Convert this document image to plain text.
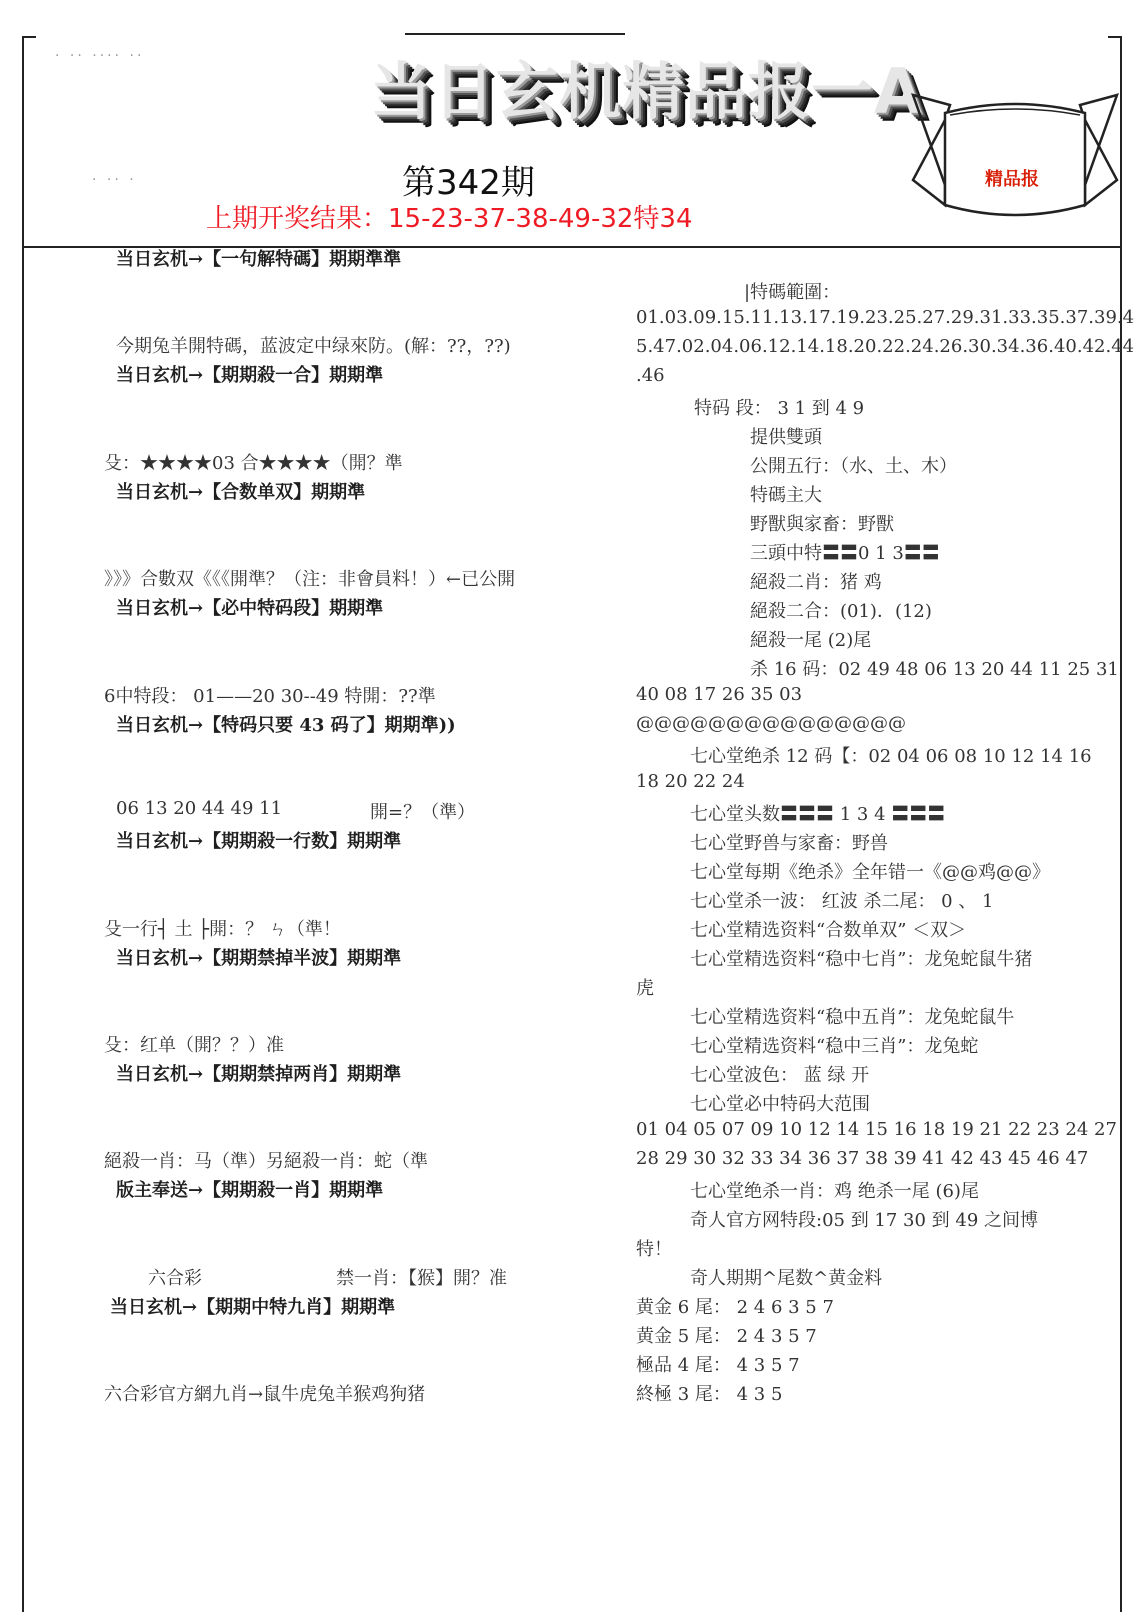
· ·· ···· ··
· ·· ·
当日玄机精品报一A
第342期
上期开奖结果：15-23-37-38-49-32特34
精品报
当日玄机→【一句解特碼】期期準準
今期兔羊開特碼，蓝波定中绿來防。(解：??，??)
当日玄机→【期期殺一合】期期準
殳：★★★★03 合★★★★（開？準
当日玄机→【合数单双】期期準
》》》合數双《《《開準？（注：非會員料！）←已公開
当日玄机→【必中特码段】期期準
6中特段： 01——20 30--49 特開：??準
当日玄机→【特码只要 43 码了】期期準))
06 13 20 44 49 11	開=？（準）
当日玄机→【期期殺一行数】期期準
殳一行┤ 土 ├開：？ ㄣ（準！
当日玄机→【期期禁掉半波】期期準
殳：红单（開？？）准
当日玄机→【期期禁掉两肖】期期準
絕殺一肖：马（準）另絕殺一肖：蛇（準
版主奉送→【期期殺一肖】期期準
六合彩	禁一肖：【猴】開？准
当日玄机→【期期中特九肖】期期準
六合彩官方網九肖→鼠牛虎兔羊猴鸡狗猪
|特碼範圍：
01.03.09.15.11.13.17.19.23.25.27.29.31.33.35.37.39.4
5.47.02.04.06.12.14.18.20.22.24.26.30.34.36.40.42.44
.46
特码 段： 3 1 到 4 9
提供雙頭
公開五行：（水、土、木）
特碼主大
野獸與家畜：野獸
三頭中特〓〓0 1 3〓〓
絕殺二肖：猪 鸡
絕殺二合：(01)．(12)
絕殺一尾 (2)尾
杀 16 码：02 49 48 06 13 20 44 11 25 31
40 08 17 26 35 03
@@@@@@@@@@@@@@@
七心堂绝杀 12 码【：02 04 06 08 10 12 14 16
18 20 22 24
七心堂头数〓〓〓 1 3 4 〓〓〓
七心堂野兽与家畜：野兽
七心堂每期《绝杀》全年错一《@@鸡@@》
七心堂杀一波： 红波 杀二尾： 0 、 1
七心堂精选资料“合数单双” ＜双＞
七心堂精选资料“稳中七肖”：龙兔蛇鼠牛猪
虎
七心堂精选资料“稳中五肖”：龙兔蛇鼠牛
七心堂精选资料“稳中三肖”：龙兔蛇
七心堂波色： 蓝 绿 开
七心堂必中特码大范围
01 04 05 07 09 10 12 14 15 16 18 19 21 22 23 24 27
28 29 30 32 33 34 36 37 38 39 41 42 43 45 46 47
七心堂绝杀一肖：鸡 绝杀一尾 (6)尾
奇人官方网特段:05 到 17 30 到 49 之间博
特！
奇人期期^尾数^黄金料
黄金 6 尾： 2 4 6 3 5 7
黄金 5 尾： 2 4 3 5 7
極品 4 尾： 4 3 5 7
終極 3 尾： 4 3 5
